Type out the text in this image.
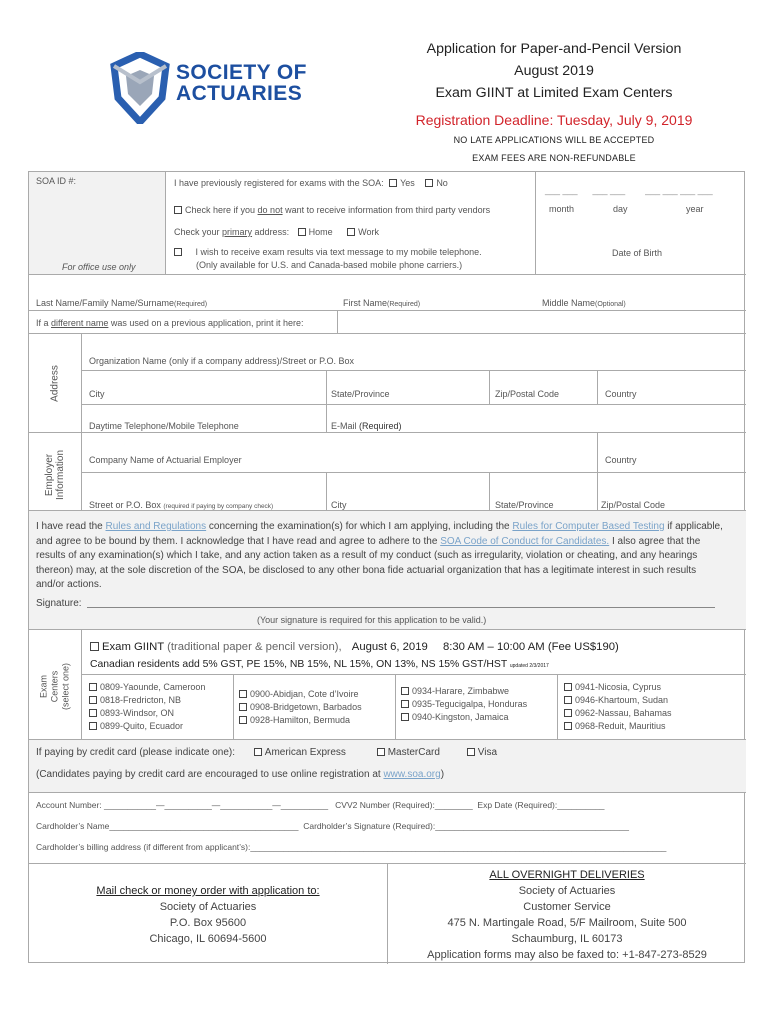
SOCIETY OF
ACTUARIES
Application for Paper-and-Pencil Version
August 2019
Exam GIINT at Limited Exam Centers
Registration Deadline: Tuesday, July 9, 2019
NO LATE APPLICATIONS WILL BE ACCEPTED
EXAM FEES ARE NON-REFUNDABLE
SOA ID #:
For office use only
I have previously registered for exams with the SOA: Yes No
Check here if you do not want to receive information from third party vendors
Check your primary address: Home	Work
I wish to receive exam results via text message to my mobile telephone.
(Only available for U.S. and Canada-based mobile phone carriers.)
___ ___      ___ ___        ___ ___ ___ ___
month	day	year
Date of Birth
Last Name/Family Name/Surname(Required)	First Name(Required)	Middle Name(Optional)
If a different name was used on a previous application, print it here:
Address
Organization Name (only if a company address)/Street or P.O. Box
City	State/Province	Zip/Postal Code	Country
Daytime Telephone/Mobile Telephone	E-Mail (Required)
Employer Information	Company Name of Actuarial Employer	Country
Street or P.O. Box (required if paying by company check)	City	State/Province	Zip/Postal Code
I have read the Rules and Regulations concerning the examination(s) for which I am applying, including the Rules for Computer Based Testing if applicable,
and agree to be bound by them. I acknowledge that I have read and agree to adhere to the SOA Code of Conduct for Candidates. I also agree that the
results of any examination(s) which I take, and any action taken as a result of my conduct (such as irregularity, violation or cheating, and any hearings
thereon) may, at the sole discretion of the SOA, be disclosed to any other bona fide actuarial organization that has a legitimate interest in such results
and/or actions.
Signature:
(Your signature is required for this application to be valid.)
Exam Centers (select one)
Exam GIINT (traditional paper & pencil version), August 6, 2019 8:30 AM – 10:00 AM (Fee US$190)
Canadian residents add 5% GST, PE 15%, NB 15%, NL 15%, ON 13%, NS 15% GST/HST updated 2/3/2017
0809-Yaounde, Cameroon
0818-Fredricton, NB
0893-Windsor, ON
0899-Quito, Ecuador
0900-Abidjan, Cote d’Ivoire
0908-Bridgetown, Barbados
0928-Hamilton, Bermuda
0934-Harare, Zimbabwe
0935-Tegucigalpa, Honduras
0940-Kingston, Jamaica
0941-Nicosia, Cyprus
0946-Khartoum, Sudan
0962-Nassau, Bahamas
0968-Reduit, Mauritius
If paying by credit card (please indicate one):	American Express	MasterCard	Visa
(Candidates paying by credit card are encouraged to use online registration at www.soa.org)
Account Number: ___________—__________—___________—__________ CVV2 Number (Required):________ Exp Date (Required):__________
Cardholder’s Name________________________________________ Cardholder’s Signature (Required):_________________________________________
Cardholder’s billing address (if different from applicant’s):________________________________________________________________________________________
Mail check or money order with application to:
Society of Actuaries
P.O. Box 95600
Chicago, IL 60694-5600
ALL OVERNIGHT DELIVERIES
Society of Actuaries
Customer Service
475 N. Martingale Road, 5/F Mailroom, Suite 500
Schaumburg, IL 60173
Application forms may also be faxed to: +1-847-273-8529
